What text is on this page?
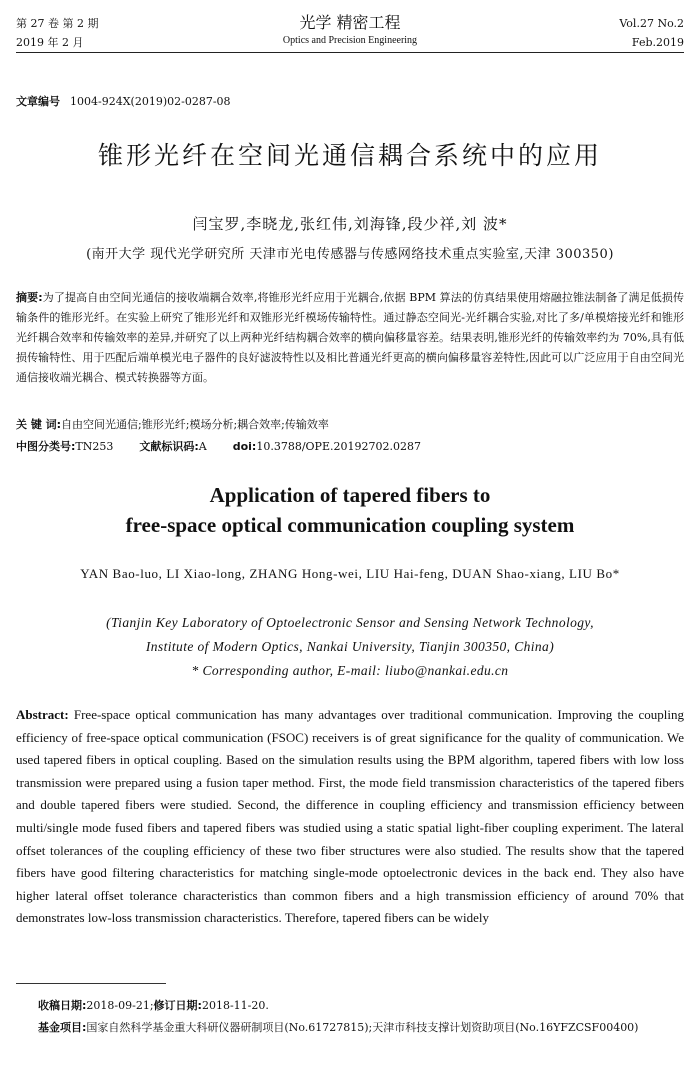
第 27 卷 第 2 期
2019 年 2 月
光学 精密工程
Optics and Precision Engineering
Vol.27 No.2
Feb.2019
文章编号 1004-924X(2019)02-0287-08
锥形光纤在空间光通信耦合系统中的应用
闫宝罗,李晓龙,张红伟,刘海锋,段少祥,刘 波*
(南开大学 现代光学研究所 天津市光电传感器与传感网络技术重点实验室,天津 300350)
摘要:为了提高自由空间光通信的接收端耦合效率,将锥形光纤应用于光耦合,依据 BPM 算法的仿真结果使用熔融拉锥法制备了满足低损传输条件的锥形光纤。在实验上研究了锥形光纤和双锥形光纤模场传输特性。通过静态空间光-光纤耦合实验,对比了多/单模熔接光纤和锥形光纤耦合效率和传输效率的差异,并研究了以上两种光纤结构耦合效率的横向偏移量容差。结果表明,锥形光纤的传输效率约为 70%,具有低损传输特性、用于匹配后端单模光电子器件的良好滤波特性以及相比普通光纤更高的横向偏移量容差特性,因此可以广泛应用于自由空间光通信接收端光耦合、模式转换器等方面。
关 键 词:自由空间光通信;锥形光纤;模场分析;耦合效率;传输效率
中图分类号:TN253 文献标识码:A doi:10.3788/OPE.20192702.0287
Application of tapered fibers to
free-space optical communication coupling system
YAN Bao-luo, LI Xiao-long, ZHANG Hong-wei, LIU Hai-feng, DUAN Shao-xiang, LIU Bo*
(Tianjin Key Laboratory of Optoelectronic Sensor and Sensing Network Technology,
Institute of Modern Optics, Nankai University, Tianjin 300350, China)
* Corresponding author, E-mail: liubo@nankai.edu.cn
Abstract: Free-space optical communication has many advantages over traditional communication. Improving the coupling efficiency of free-space optical communication (FSOC) receivers is of great significance for the quality of communication. We used tapered fibers in optical coupling. Based on the simulation results using the BPM algorithm, tapered fibers with low loss transmission were prepared using a fusion taper method. First, the mode field transmission characteristics of the tapered fibers and double tapered fibers were studied. Second, the difference in coupling efficiency and transmission efficiency between multi/single mode fused fibers and tapered fibers was studied using a static spatial light-fiber coupling experiment. The lateral offset tolerances of the coupling efficiency of these two fiber structures were also studied. The results show that the tapered fibers have good filtering characteristics for matching single-mode optoelectronic devices in the back end. They also have higher lateral offset tolerance characteristics than common fibers and a high transmission efficiency of around 70% that demonstrates low-loss transmission characteristics. Therefore, tapered fibers can be widely
收稿日期:2018-09-21;修订日期:2018-11-20.
基金项目:国家自然科学基金重大科研仪器研制项目(No.61727815);天津市科技支撑计划资助项目(No.16YFZCSF00400)
